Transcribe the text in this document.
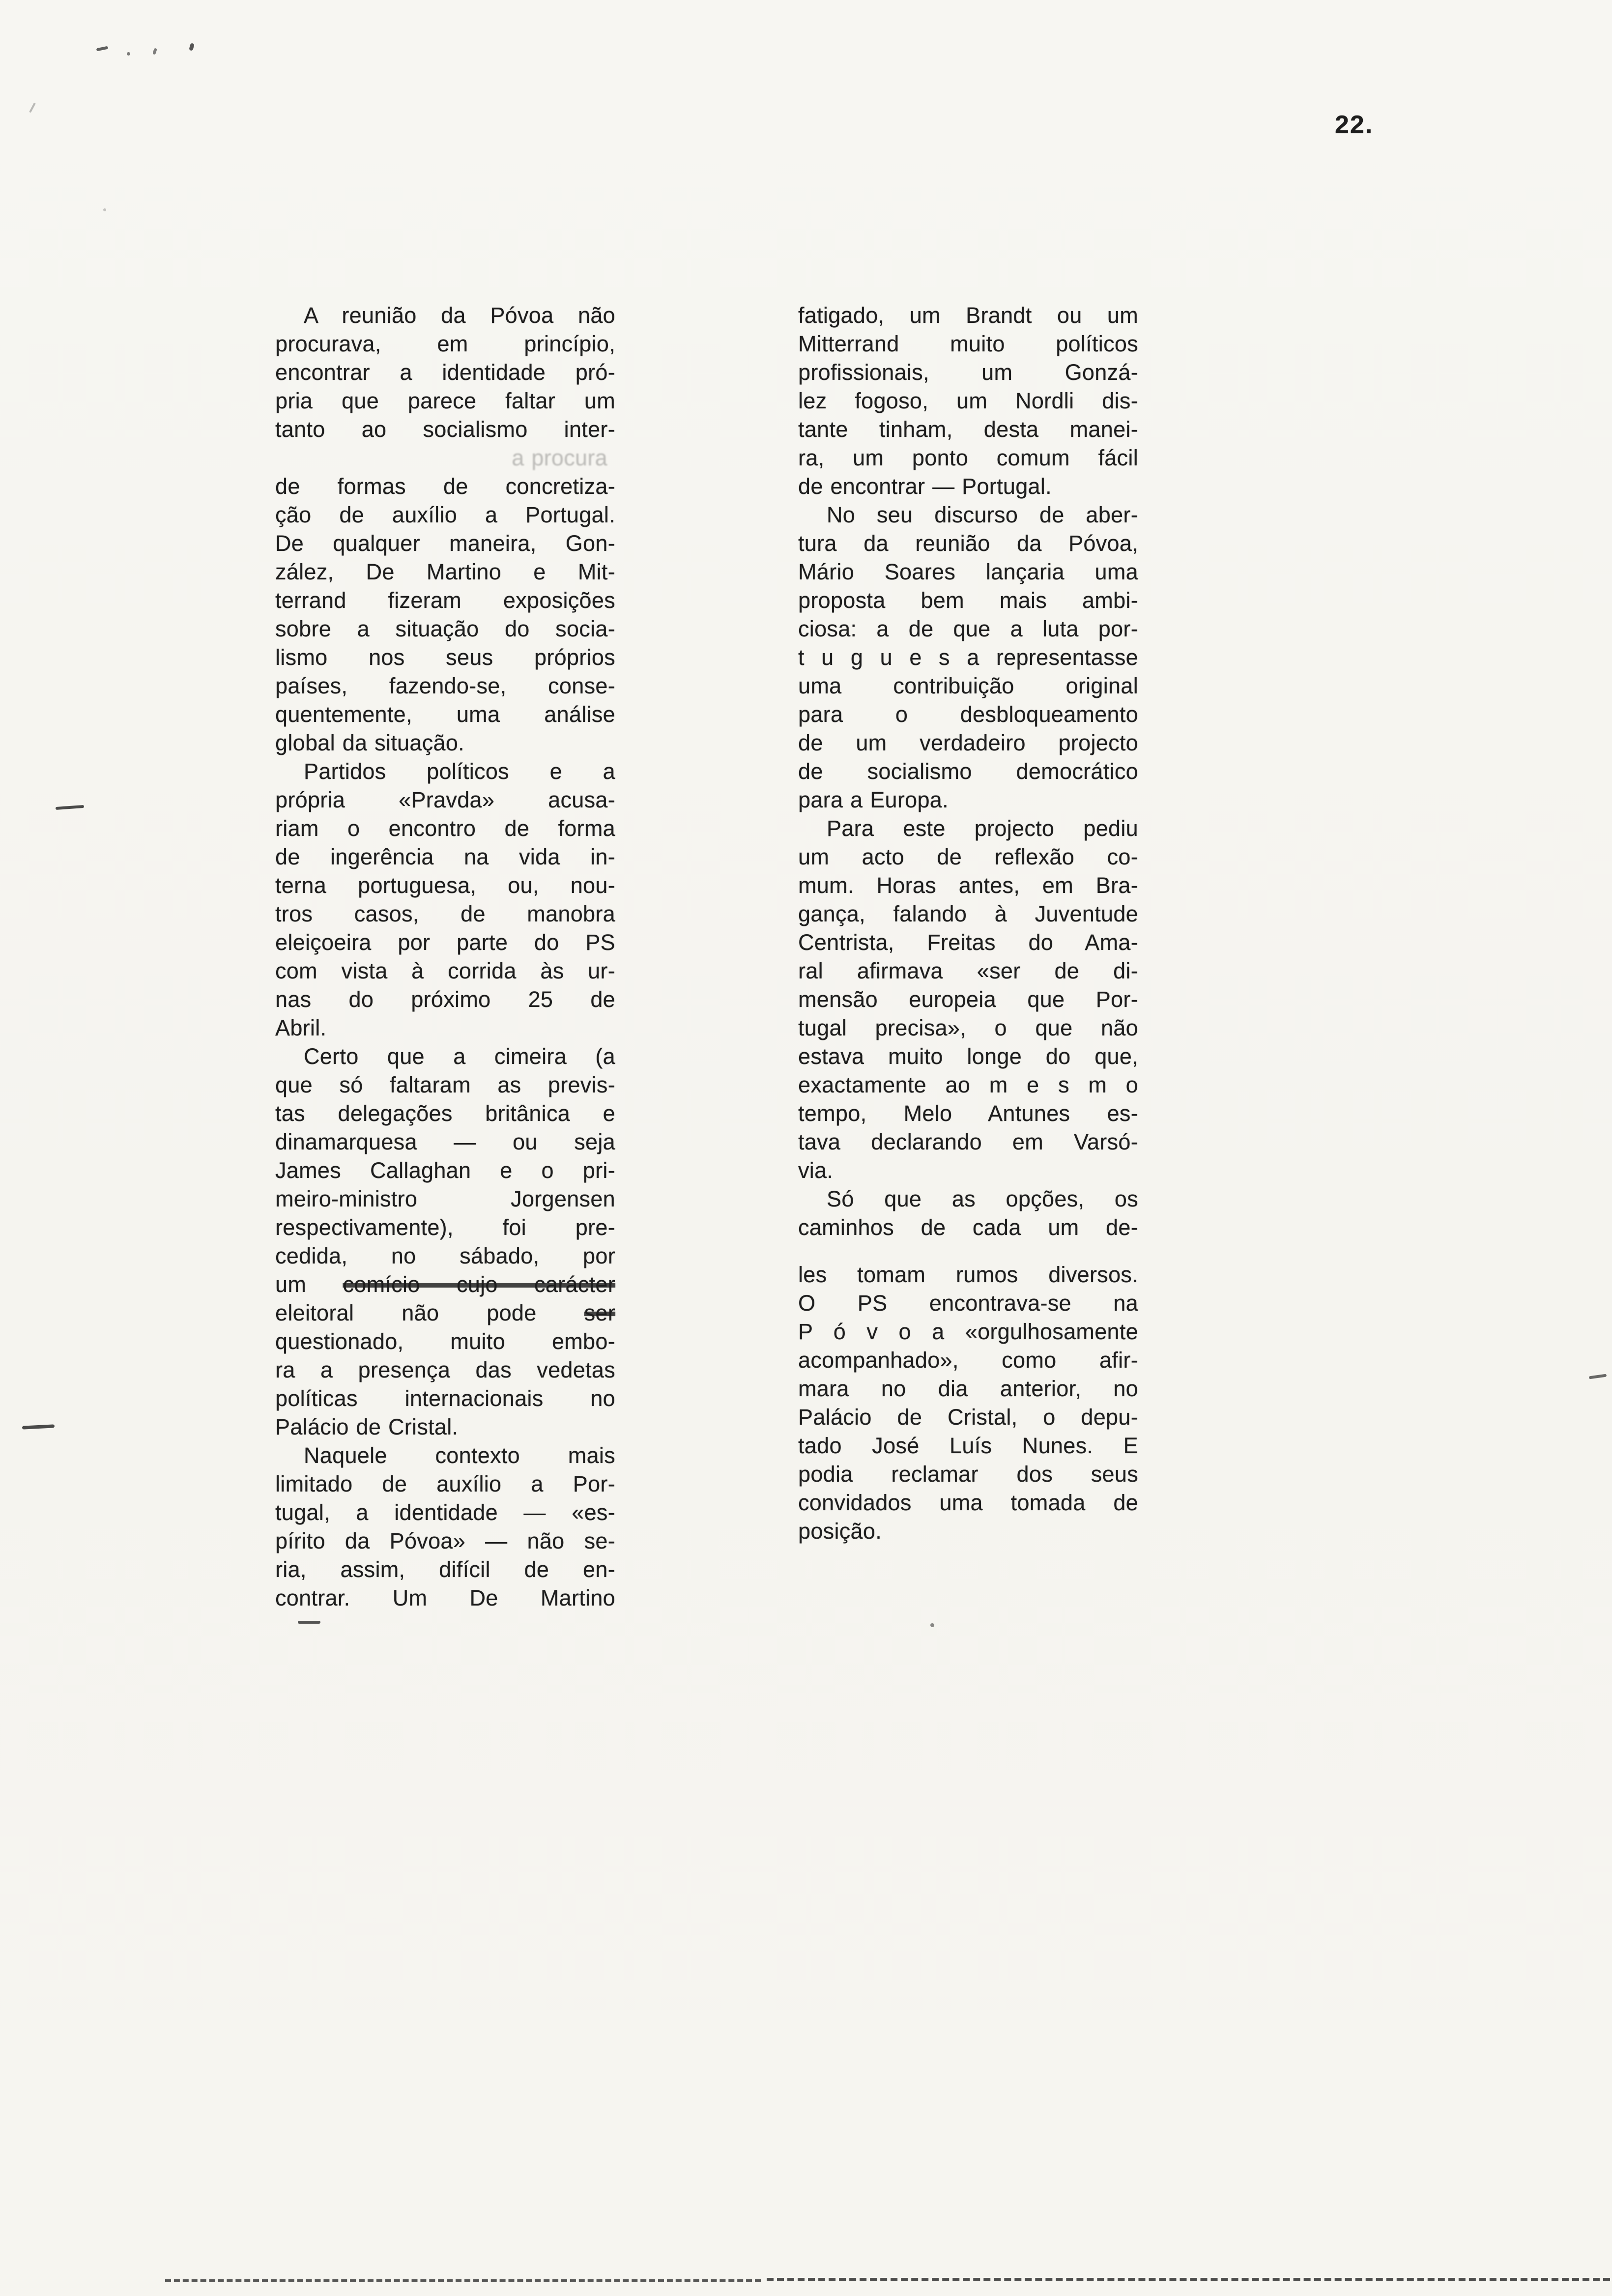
22.
A reunião da Póvoa não
procurava, em princípio,
encontrar a identidade pró-
pria que parece faltar um
tanto ao socialismo inter-
a procura
de formas de concretiza-
ção de auxílio a Portugal.
De qualquer maneira, Gon-
zález, De Martino e Mit-
terrand fizeram exposições
sobre a situação do socia-
lismo nos seus próprios
países, fazendo-se, conse-
quentemente, uma análise
global da situação.
Partidos políticos e a
própria «Pravda» acusa-
riam o encontro de forma
de ingerência na vida in-
terna portuguesa, ou, nou-
tros casos, de manobra
eleiçoeira por parte do PS
com vista à corrida às ur-
nas do próximo 25 de
Abril.
Certo que a cimeira (a
que só faltaram as previs-
tas delegações britânica e
dinamarquesa — ou seja
James Callaghan e o pri-
meiro-ministro Jorgensen
respectivamente), foi pre-
cedida, no sábado, por
um comício cujo carácter
eleitoral não pode ser
questionado, muito embo-
ra a presença das vedetas
políticas internacionais no
Palácio de Cristal.
Naquele contexto mais
limitado de auxílio a Por-
tugal, a identidade — «es-
pírito da Póvoa» — não se-
ria, assim, difícil de en-
contrar. Um De Martino
fatigado, um Brandt ou um
Mitterrand muito políticos
profissionais, um Gonzá-
lez fogoso, um Nordli dis-
tante tinham, desta manei-
ra, um ponto comum fácil
de encontrar — Portugal.
No seu discurso de aber-
tura da reunião da Póvoa,
Mário Soares lançaria uma
proposta bem mais ambi-
ciosa: a de que a luta por-
t u g u e s a representasse
uma contribuição original
para o desbloqueamento
de um verdadeiro projecto
de socialismo democrático
para a Europa.
Para este projecto pediu
um acto de reflexão co-
mum. Horas antes, em Bra-
gança, falando à Juventude
Centrista, Freitas do Ama-
ral afirmava «ser de di-
mensão europeia que Por-
tugal precisa», o que não
estava muito longe do que,
exactamente ao m e s m o
tempo, Melo Antunes es-
tava declarando em Varsó-
via.
Só que as opções, os
caminhos de cada um de-
les tomam rumos diversos.
O PS encontrava-se na
P ó v o a «orgulhosamente
acompanhado», como afir-
mara no dia anterior, no
Palácio de Cristal, o depu-
tado José Luís Nunes. E
podia reclamar dos seus
convidados uma tomada de
posição.
